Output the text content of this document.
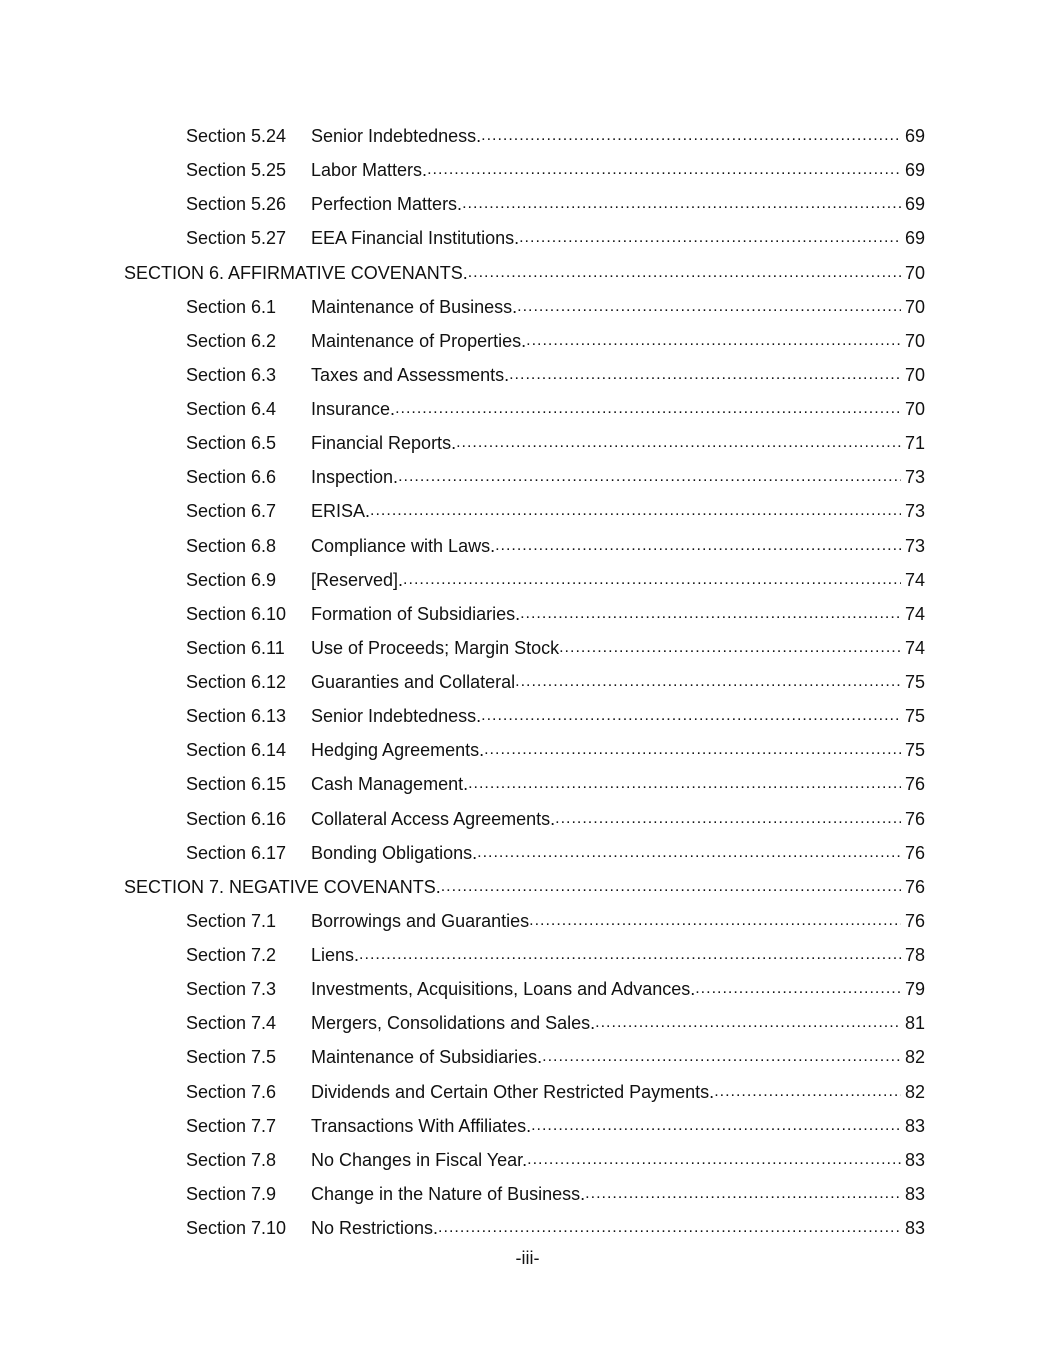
Section 5.24 Senior Indebtedness. .....	69
Section 5.25 Labor Matters. .....	69
Section 5.26 Perfection Matters. .....	69
Section 5.27 EEA Financial Institutions. .....	69
SECTION 6. AFFIRMATIVE COVENANTS. .....	70
Section 6.1 Maintenance of Business. .....	70
Section 6.2 Maintenance of Properties. .....	70
Section 6.3 Taxes and Assessments. .....	70
Section 6.4 Insurance. .....	70
Section 6.5 Financial Reports. .....	71
Section 6.6 Inspection. .....	73
Section 6.7 ERISA. .....	73
Section 6.8 Compliance with Laws. .....	73
Section 6.9 [Reserved]. .....	74
Section 6.10 Formation of Subsidiaries. .....	74
Section 6.11 Use of Proceeds; Margin Stock .....	74
Section 6.12 Guaranties and Collateral .....	75
Section 6.13 Senior Indebtedness. .....	75
Section 6.14 Hedging Agreements. .....	75
Section 6.15 Cash Management. .....	76
Section 6.16 Collateral Access Agreements. .....	76
Section 6.17 Bonding Obligations. .....	76
SECTION 7. NEGATIVE COVENANTS. .....	76
Section 7.1 Borrowings and Guaranties .....	76
Section 7.2 Liens. .....	78
Section 7.3 Investments, Acquisitions, Loans and Advances. .....	79
Section 7.4 Mergers, Consolidations and Sales. .....	81
Section 7.5 Maintenance of Subsidiaries. .....	82
Section 7.6 Dividends and Certain Other Restricted Payments. .....	82
Section 7.7 Transactions With Affiliates. .....	83
Section 7.8 No Changes in Fiscal Year. .....	83
Section 7.9 Change in the Nature of Business. .....	83
Section 7.10 No Restrictions. .....	83
-iii-
